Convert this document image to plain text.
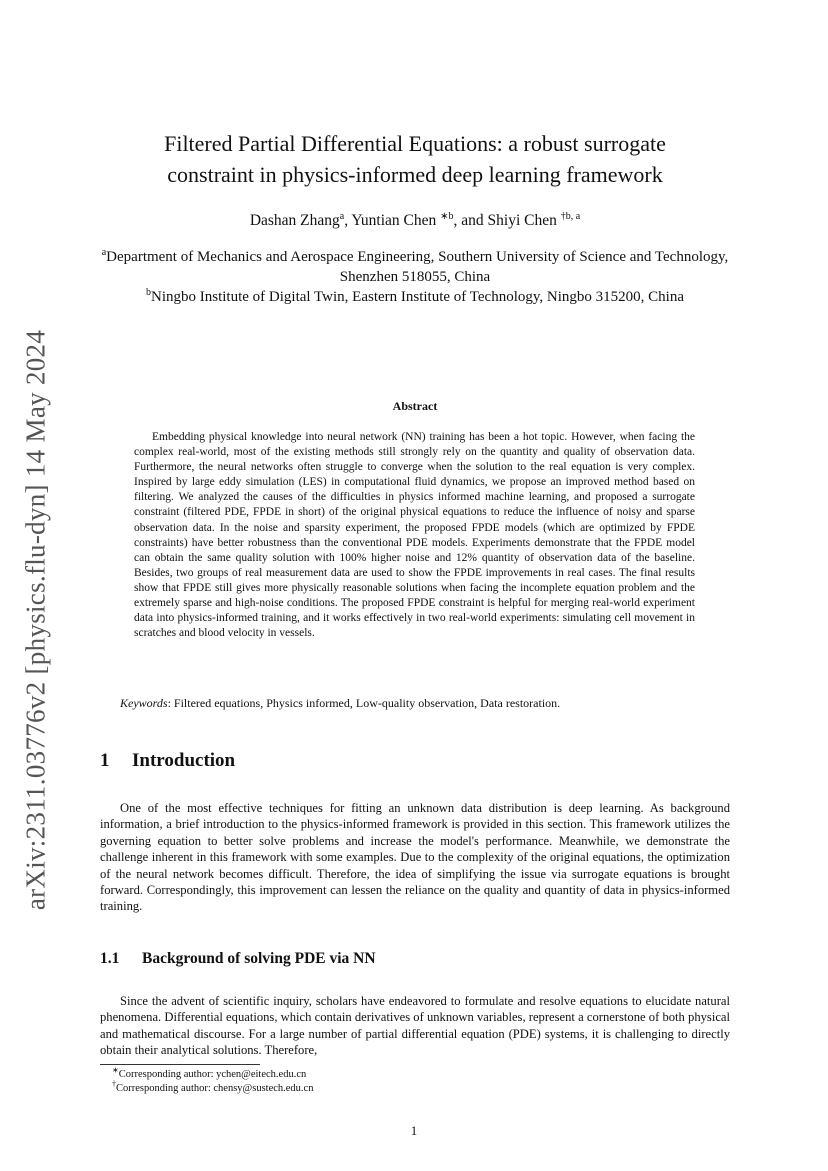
arXiv:2311.03776v2 [physics.flu-dyn] 14 May 2024
Filtered Partial Differential Equations: a robust surrogate
constraint in physics-informed deep learning framework
Dashan Zhang$^a$, Yuntian Chen $^{∗b}$, and Shiyi Chen $^{\dagger b, a}$

$^a$Department of Mechanics and Aerospace Engineering, Southern University of Science and Technology, Shenzhen 518055, China

$^b$Ningbo Institute of Digital Twin, Eastern Institute of Technology, Ningbo 315200, China

Abstract

Embedding physical knowledge into neural network (NN) training has been a hot topic. However, when facing the complex real-world, most of the existing methods still strongly rely on the quantity and quality of observation data. Furthermore, the neural networks often struggle to converge when the solution to the real equation is very complex. Inspired by large eddy simulation (LES) in computational fluid dynamics, we propose an improved method based on filtering. We analyzed the causes of the difficulties in physics informed machine learning, and proposed a surrogate constraint (filtered PDE, FPDE in short) of the original physical equations to reduce the influence of noisy and sparse observation data. In the noise and sparsity experiment, the proposed FPDE models (which are optimized by FPDE constraints) have better robustness than the conventional PDE models. Experiments demonstrate that the FPDE model can obtain the same quality solution with 100% higher noise and 12% quantity of observation data of the baseline. Besides, two groups of real measurement data are used to show the FPDE improvements in real cases. The final results show that FPDE still gives more physically reasonable solutions when facing the incomplete equation problem and the extremely sparse and high-noise conditions. The proposed FPDE constraint is helpful for merging real-world experiment data into physics-informed training, and it works effectively in two real-world experiments: simulating cell movement in scratches and blood velocity in vessels.

Keywords: Filtered equations, Physics informed, Low-quality observation, Data restoration.
1 Introduction

One of the most effective techniques for fitting an unknown data distribution is deep learning. As background information, a brief introduction to the physics-informed framework is provided in this section. This framework utilizes the governing equation to better solve problems and increase the model's performance. Meanwhile, we demonstrate the challenge inherent in this framework with some examples. Due to the complexity of the original equations, the optimization of the neural network becomes difficult. Therefore, the idea of simplifying the issue via surrogate equations is brought forward. Correspondingly, this improvement can lessen the reliance on the quality and quantity of data in physics-informed training.

1.1 Background of solving PDE via NN

Since the advent of scientific inquiry, scholars have endeavored to formulate and resolve equations to elucidate natural phenomena. Differential equations, which contain derivatives of unknown variables, represent a cornerstone of both physical and mathematical discourse. For a large number of partial differential equation (PDE) systems, it is challenging to directly obtain their analytical solutions. Therefore,

∗Corresponding author: ychen@eitech.edu.cn

†Corresponding author: chensy@sustech.edu.cn

1
